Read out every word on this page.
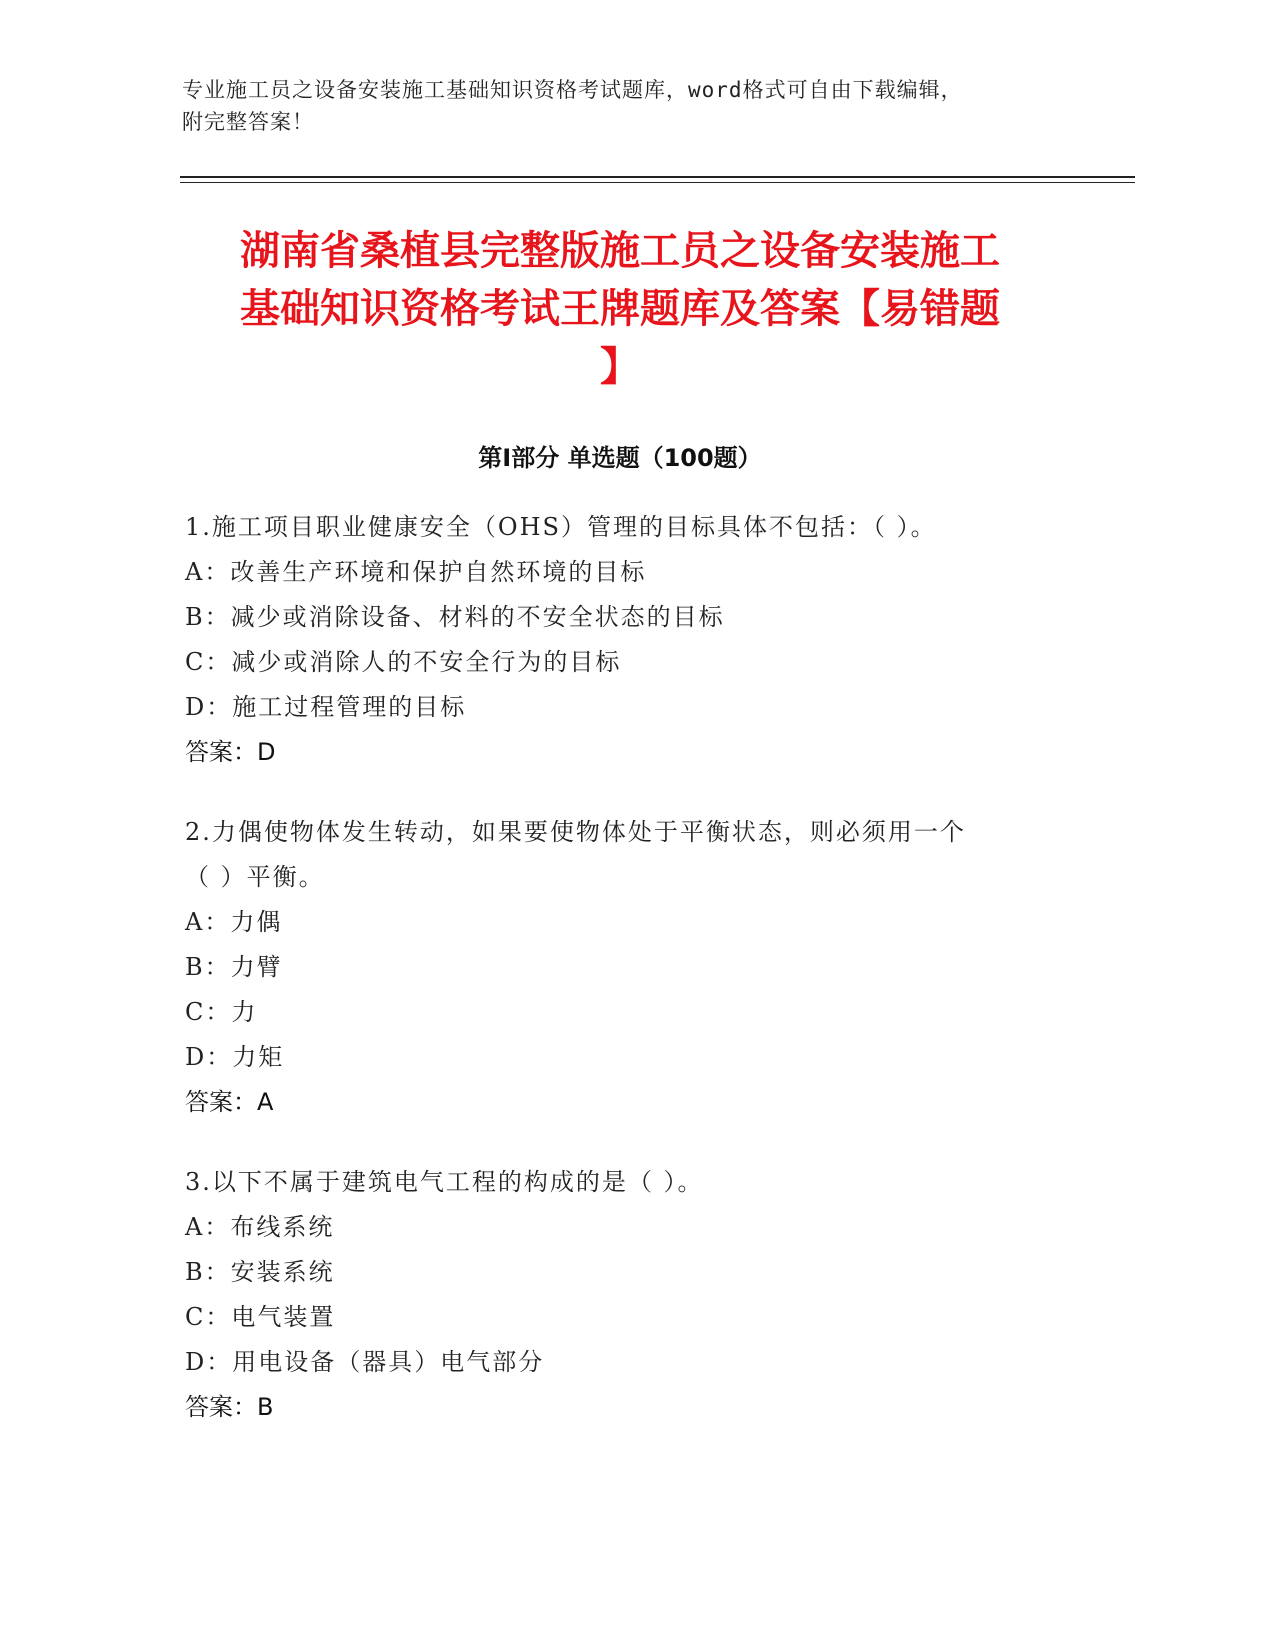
专业施工员之设备安装施工基础知识资格考试题库，word格式可自由下载编辑，
附完整答案！
湖南省桑植县完整版施工员之设备安装施工
基础知识资格考试王牌题库及答案【易错题
】
第Ⅰ部分 单选题（100题）
1.施工项目职业健康安全（OHS）管理的目标具体不包括：（ ）。
A：改善生产环境和保护自然环境的目标
B：减少或消除设备、材料的不安全状态的目标
C：减少或消除人的不安全行为的目标
D：施工过程管理的目标
答案：D
2.力偶使物体发生转动，如果要使物体处于平衡状态，则必须用一个
（ ）平衡。
A：力偶
B：力臂
C：力
D：力矩
答案：A
3.以下不属于建筑电气工程的构成的是（ ）。
A：布线系统
B：安装系统
C：电气装置
D：用电设备（器具）电气部分
答案：B
